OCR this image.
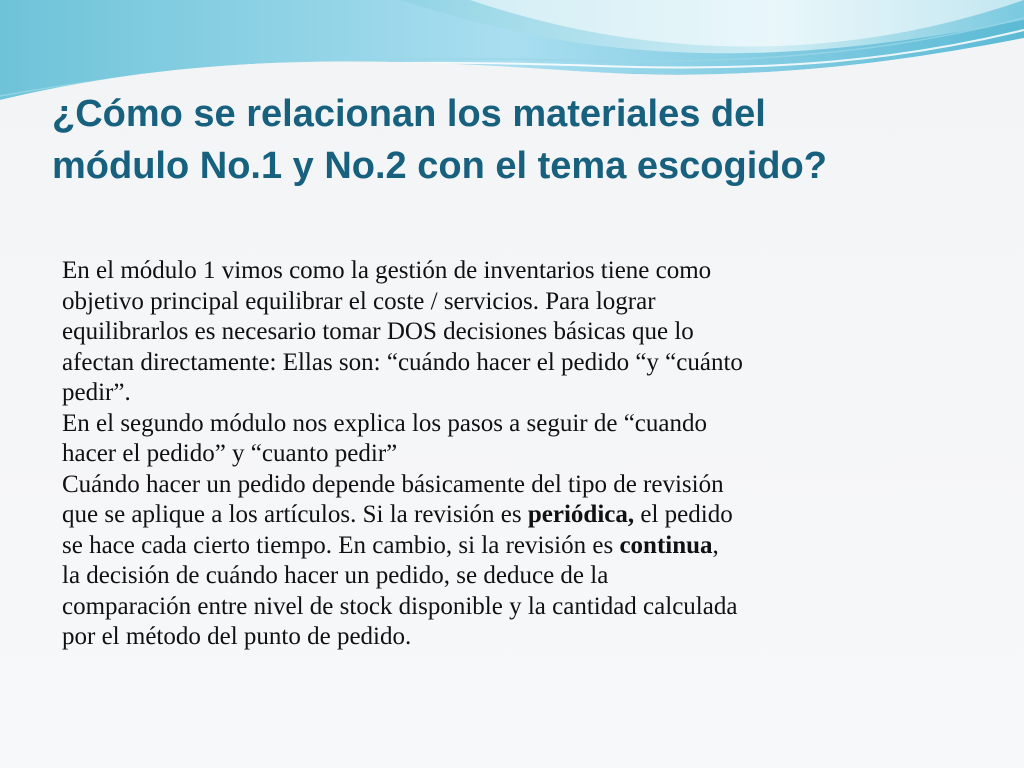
¿Cómo se relacionan los materiales del
módulo No.1 y No.2 con el tema escogido?

En el módulo 1 vimos como la gestión de inventarios tiene como
objetivo principal equilibrar el coste / servicios. Para lograr
equilibrarlos es necesario tomar DOS decisiones básicas que lo
afectan directamente: Ellas son: “cuándo hacer el pedido “y “cuánto
pedir”.

En el segundo módulo nos explica los pasos a seguir de “cuando
hacer el pedido” y “cuanto pedir”

Cuándo hacer un pedido depende básicamente del tipo de revisión
que se aplique a los artículos. Si la revisión es periódica, el pedido
se hace cada cierto tiempo. En cambio, si la revisión es continua,
la decisión de cuándo hacer un pedido, se deduce de la
comparación entre nivel de stock disponible y la cantidad calculada
por el método del punto de pedido.
